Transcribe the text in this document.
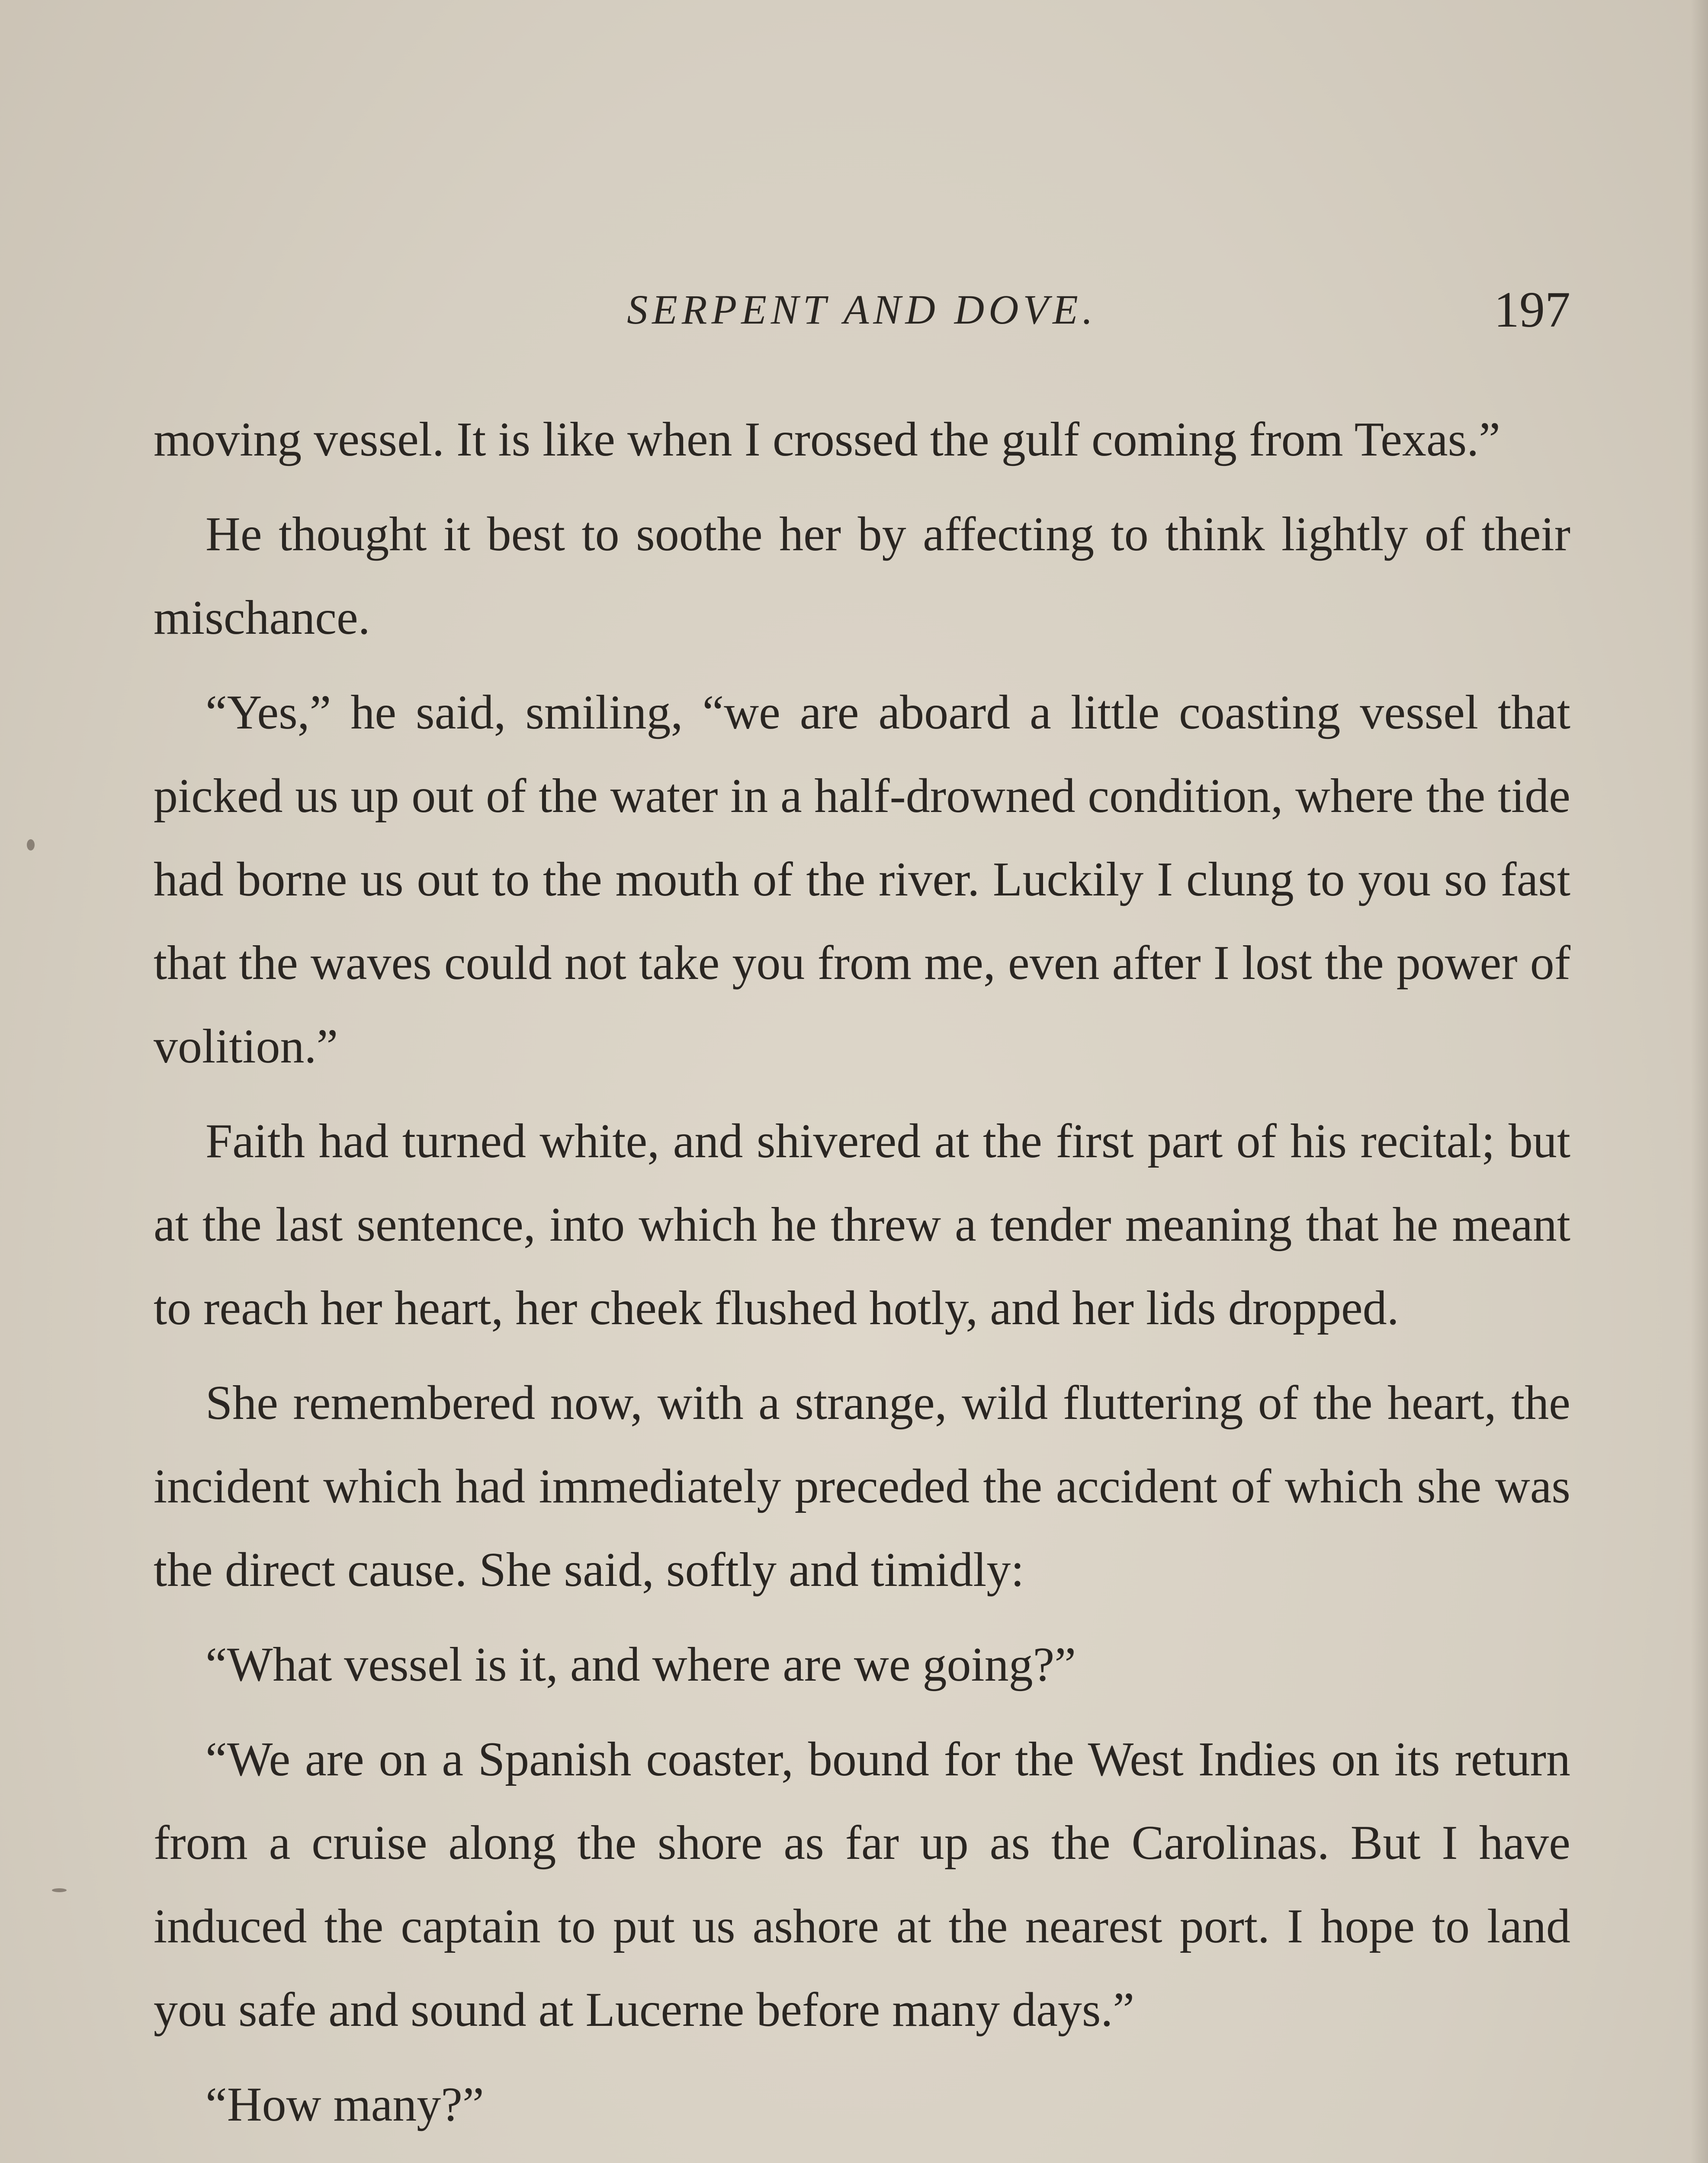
SERPENT AND DOVE.	197

moving vessel. It is like when I crossed the gulf coming from Texas.”

He thought it best to soothe her by affecting to think lightly of their mischance.

“Yes,” he said, smiling, “we are aboard a little coasting vessel that picked us up out of the water in a half-drowned condition, where the tide had borne us out to the mouth of the river. Luckily I clung to you so fast that the waves could not take you from me, even after I lost the power of volition.”

Faith had turned white, and shivered at the first part of his recital; but at the last sentence, into which he threw a tender meaning that he meant to reach her heart, her cheek flushed hotly, and her lids dropped.

She remembered now, with a strange, wild fluttering of the heart, the incident which had immediately preceded the accident of which she was the direct cause. She said, softly and timidly:

“What vessel is it, and where are we going?”

“We are on a Spanish coaster, bound for the West Indies on its return from a cruise along the shore as far up as the Carolinas. But I have induced the captain to put us ashore at the nearest port. I hope to land you safe and sound at Lucerne before many days.”

“How many?”
